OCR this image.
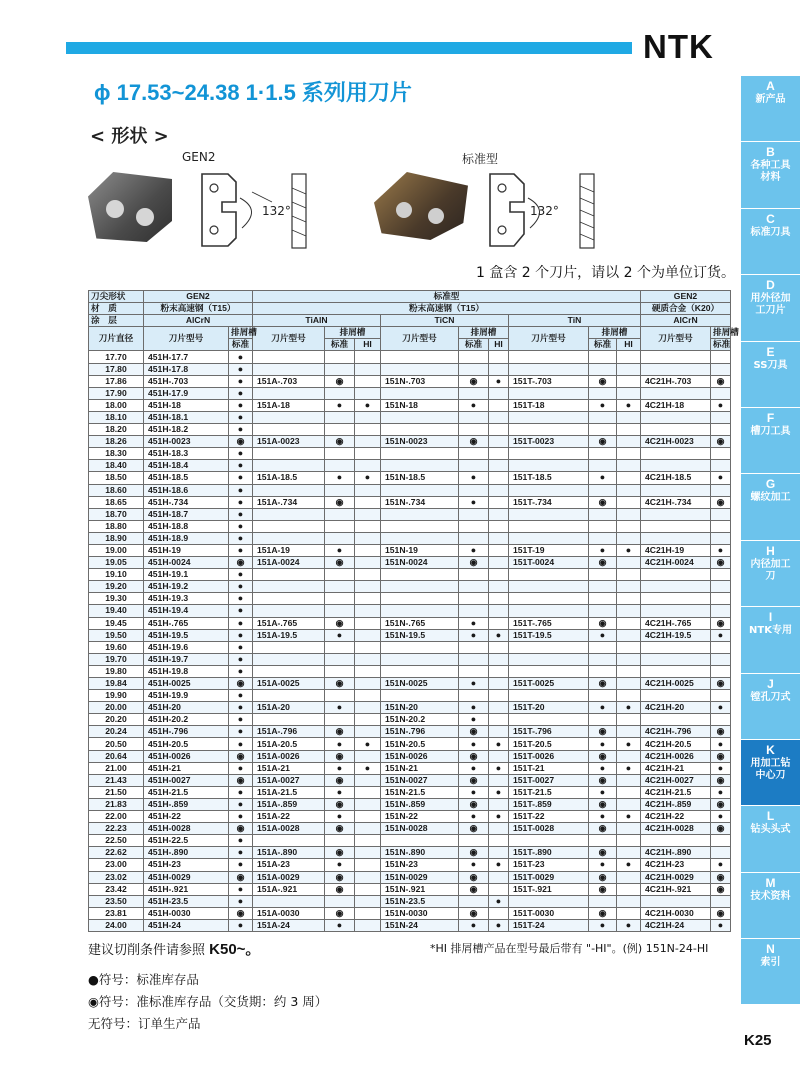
NTK
ϕ 17.53~24.38 1·1.5 系列用刀片
< 形状 >
GEN2	标准型
132°	132°
1 盒含 2 个刀片，请以 2 个为单位订货。
刀尖形状	GEN2		标准型									GEN2	
材　质	粉末高速钢（T15）		粉末高速钢（T15）									硬质合金（K20）	
涂　层	AlCrN		TiAlN			TiCN			TiN			AlCrN	
刀片直径	刀片型号	排屑槽	刀片型号	排屑槽		刀片型号	排屑槽		刀片型号	排屑槽		刀片型号	排屑槽
		标准		标准	HI		标准	HI		标准	HI		标准
17.70	451H-17.7	●											
17.80	451H-17.8	●											
17.86	451H-.703	●	151A-.703	◉		151N-.703	◉	●	151T-.703	◉		4C21H-.703	◉
17.90	451H-17.9	●											
18.00	451H-18	●	151A-18	●	●	151N-18	●		151T-18	●	●	4C21H-18	●
18.10	451H-18.1	●											
18.20	451H-18.2	●											
18.26	451H-0023	◉	151A-0023	◉		151N-0023	◉		151T-0023	◉		4C21H-0023	◉
18.30	451H-18.3	●											
18.40	451H-18.4	●											
18.50	451H-18.5	●	151A-18.5	●	●	151N-18.5	●		151T-18.5	●		4C21H-18.5	●
18.60	451H-18.6	●											
18.65	451H-.734	●	151A-.734	◉		151N-.734	●		151T-.734	◉		4C21H-.734	◉
18.70	451H-18.7	●											
18.80	451H-18.8	●											
18.90	451H-18.9	●											
19.00	451H-19	●	151A-19	●		151N-19	●		151T-19	●	●	4C21H-19	●
19.05	451H-0024	◉	151A-0024	◉		151N-0024	◉		151T-0024	◉		4C21H-0024	◉
19.10	451H-19.1	●											
19.20	451H-19.2	●											
19.30	451H-19.3	●											
19.40	451H-19.4	●											
19.45	451H-.765	●	151A-.765	◉		151N-.765	●		151T-.765	◉		4C21H-.765	◉
19.50	451H-19.5	●	151A-19.5	●		151N-19.5	●	●	151T-19.5	●		4C21H-19.5	●
19.60	451H-19.6	●											
19.70	451H-19.7	●											
19.80	451H-19.8	●											
19.84	451H-0025	◉	151A-0025	◉		151N-0025	●		151T-0025	◉		4C21H-0025	◉
19.90	451H-19.9	●											
20.00	451H-20	●	151A-20	●		151N-20	●		151T-20	●	●	4C21H-20	●
20.20	451H-20.2	●				151N-20.2	●						
20.24	451H-.796	●	151A-.796	◉		151N-.796	◉		151T-.796	◉		4C21H-.796	◉
20.50	451H-20.5	●	151A-20.5	●	●	151N-20.5	●	●	151T-20.5	●	●	4C21H-20.5	●
20.64	451H-0026	◉	151A-0026	◉		151N-0026	◉		151T-0026	◉		4C21H-0026	◉
21.00	451H-21	●	151A-21	●	●	151N-21	●	●	151T-21	●	●	4C21H-21	●
21.43	451H-0027	◉	151A-0027	◉		151N-0027	◉		151T-0027	◉		4C21H-0027	◉
21.50	451H-21.5	●	151A-21.5	●		151N-21.5	●	●	151T-21.5	●		4C21H-21.5	●
21.83	451H-.859	●	151A-.859	◉		151N-.859	◉		151T-.859	◉		4C21H-.859	◉
22.00	451H-22	●	151A-22	●		151N-22	●	●	151T-22	●	●	4C21H-22	●
22.23	451H-0028	◉	151A-0028	◉		151N-0028	◉		151T-0028	◉		4C21H-0028	◉
22.50	451H-22.5	●											
22.62	451H-.890	●	151A-.890	◉		151N-.890	◉		151T-.890	◉		4C21H-.890	
23.00	451H-23	●	151A-23	●		151N-23	●	●	151T-23	●	●	4C21H-23	●
23.02	451H-0029	◉	151A-0029	◉		151N-0029	◉		151T-0029	◉		4C21H-0029	◉
23.42	451H-.921	●	151A-.921	◉		151N-.921	◉		151T-.921	◉		4C21H-.921	◉
23.50	451H-23.5	●				151N-23.5		●					
23.81	451H-0030	◉	151A-0030	◉		151N-0030	◉		151T-0030	◉		4C21H-0030	◉
24.00	451H-24	●	151A-24	●		151N-24	●	●	151T-24	●	●	4C21H-24	●
建议切削条件请参照 K50~。	*HI 排屑槽产品在型号最后带有 "-HI"。(例) 151N-24-HI
●符号：标准库存品
◉符号：准标准库存品（交货期：约 3 周）
无符号：订单生产品
A
新产品
B
各种工具材料
C
标准刀具
D
用外径加工刀片
E
SS刀具
F
槽刀工具
G
螺纹加工
H
内径加工刀
I
NTK专用
J
镗孔刀式
K
用加工钻中心刀
L
钻头头式
M
技术资料
N
索引
K25
